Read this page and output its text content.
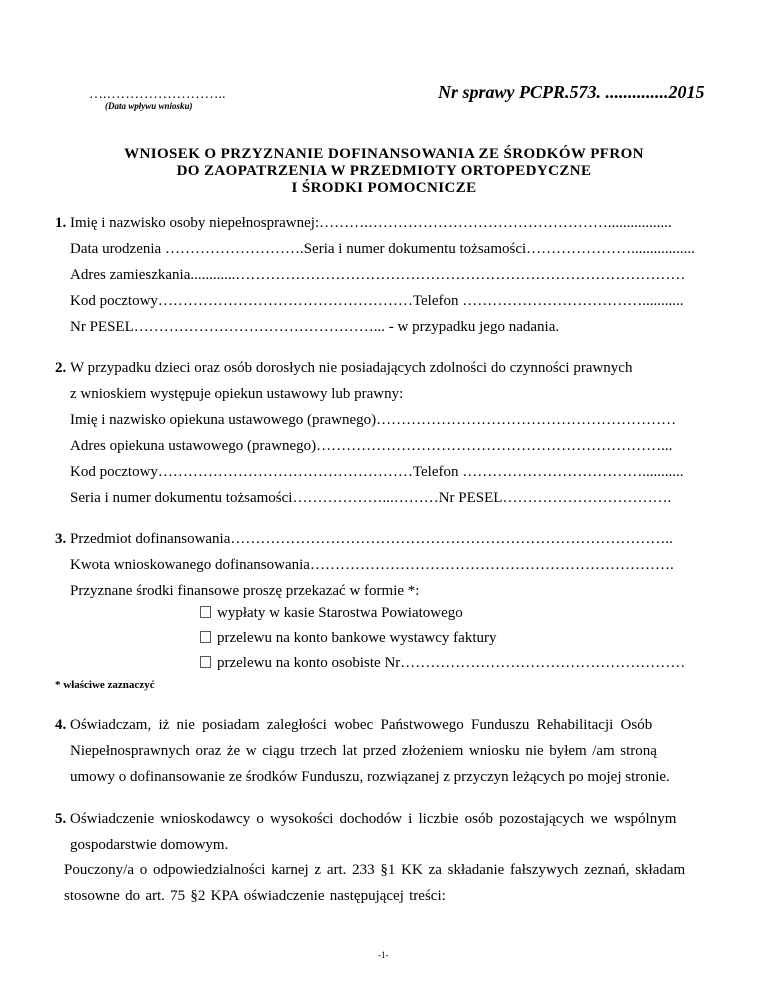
….……………………..
(Data wpływu wniosku)
Nr sprawy PCPR.573. ..............2015
WNIOSEK O PRZYZNANIE DOFINANSOWANIA ZE ŚRODKÓW PFRON
DO ZAOPATRZENIA W PRZEDMIOTY ORTOPEDYCZNE
I ŚRODKI POMOCNICZE
1. Imię i nazwisko osoby niepełnosprawnej:……….………………………………………….................
Data urodzenia ……………………….Seria i numer dokumentu tożsamości………………….................
Adres zamieszkania............………………………………………………………………………………
Kod pocztowy……………………………………………Telefon ………………………………...........
Nr PESEL…………………………………………... - w przypadku jego nadania.
2. W przypadku dzieci oraz osób dorosłych nie posiadających zdolności do czynności prawnych
z wnioskiem występuje opiekun ustawowy lub prawny:
Imię i nazwisko opiekuna ustawowego (prawnego)……………………………………………………
Adres opiekuna ustawowego (prawnego)……………………………………………………………...
Kod pocztowy……………………………………………Telefon ………………………………...........
Seria i numer dokumentu tożsamości………………...………Nr PESEL…………………………….
3. Przedmiot dofinansowania……………………………………………………………………………..
Kwota wnioskowanego dofinansowania……………………………………………………………….
Przyznane środki finansowe proszę przekazać w formie *:
wypłaty w kasie Starostwa Powiatowego
przelewu na konto bankowe wystawcy faktury
przelewu na konto osobiste Nr…………………………………………………
* właściwe zaznaczyć
4. Oświadczam, iż nie posiadam zaległości wobec Państwowego Funduszu Rehabilitacji Osób
Niepełnosprawnych oraz że w ciągu trzech lat przed złożeniem wniosku nie byłem /am stroną
umowy o dofinansowanie ze środków Funduszu, rozwiązanej z przyczyn leżących po mojej stronie.
5. Oświadczenie wnioskodawcy o wysokości dochodów i liczbie osób pozostających we wspólnym
gospodarstwie domowym.
Pouczony/a o odpowiedzialności karnej z art. 233 §1 KK za składanie fałszywych zeznań, składam
stosowne do art. 75 §2 KPA oświadczenie następującej treści:
-1-
